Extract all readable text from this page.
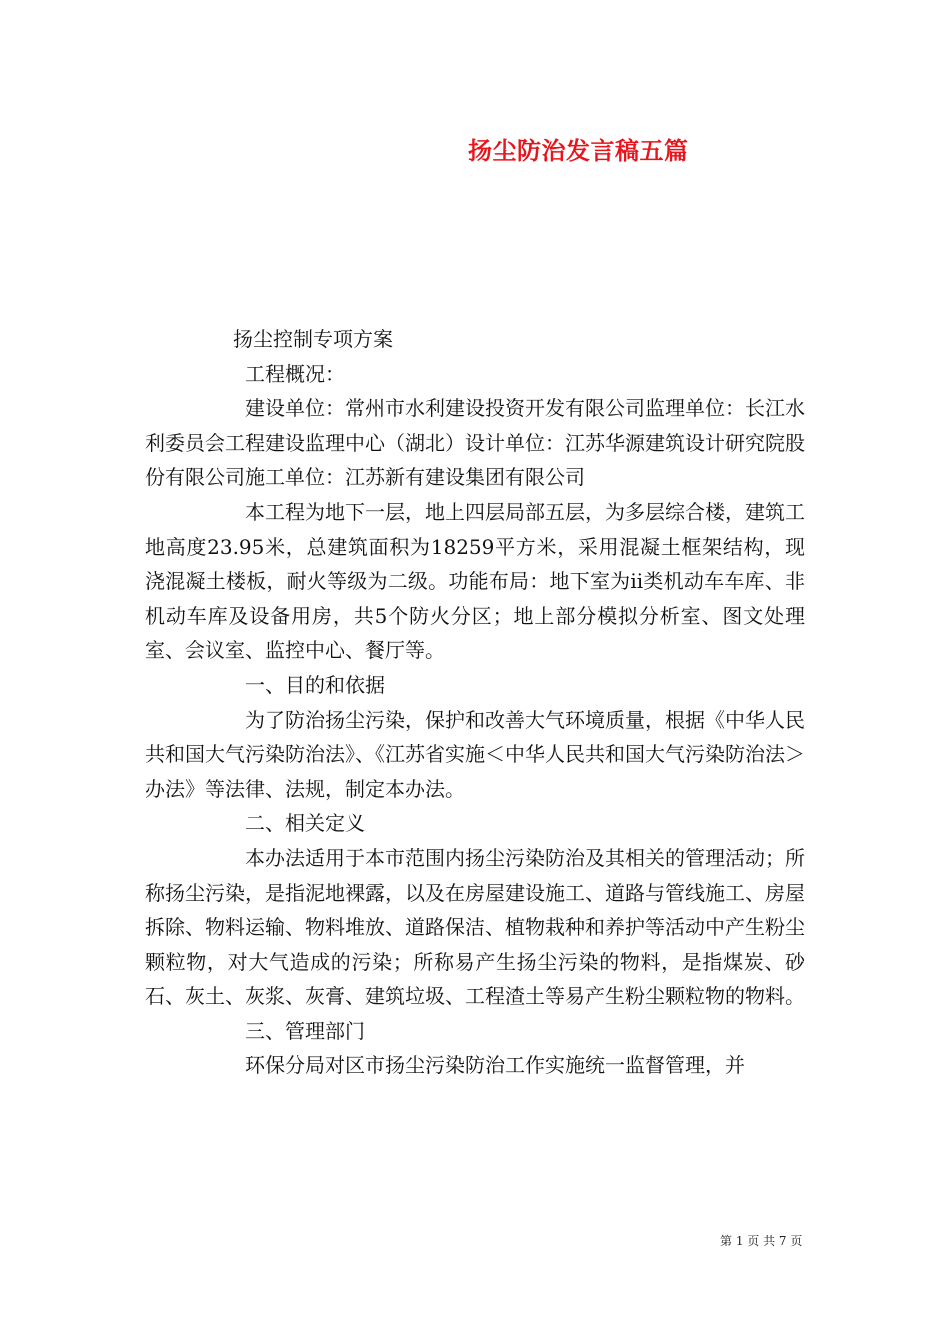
扬尘防治发言稿五篇

扬尘控制专项方案

工程概况：

建设单位：常州市水利建设投资开发有限公司监理单位：长江水利委员会工程建设监理中心（湖北）设计单位：江苏华源建筑设计研究院股份有限公司施工单位：江苏新有建设集团有限公司

本工程为地下一层，地上四层局部五层，为多层综合楼，建筑工地高度23.95米，总建筑面积为18259平方米，采用混凝土框架结构，现浇混凝土楼板，耐火等级为二级。功能布局：地下室为ii类机动车车库、非机动车库及设备用房，共5个防火分区；地上部分模拟分析室、图文处理室、会议室、监控中心、餐厅等。

一、目的和依据

为了防治扬尘污染，保护和改善大气环境质量，根据《中华人民共和国大气污染防治法》、《江苏省实施＜中华人民共和国大气污染防治法＞办法》等法律、法规，制定本办法。

二、相关定义

本办法适用于本市范围内扬尘污染防治及其相关的管理活动；所称扬尘污染，是指泥地裸露，以及在房屋建设施工、道路与管线施工、房屋拆除、物料运输、物料堆放、道路保洁、植物栽种和养护等活动中产生粉尘颗粒物，对大气造成的污染；所称易产生扬尘污染的物料，是指煤炭、砂石、灰土、灰浆、灰膏、建筑垃圾、工程渣土等易产生粉尘颗粒物的物料。

三、管理部门

环保分局对区市扬尘污染防治工作实施统一监督管理，并

第 1 页 共 7 页
